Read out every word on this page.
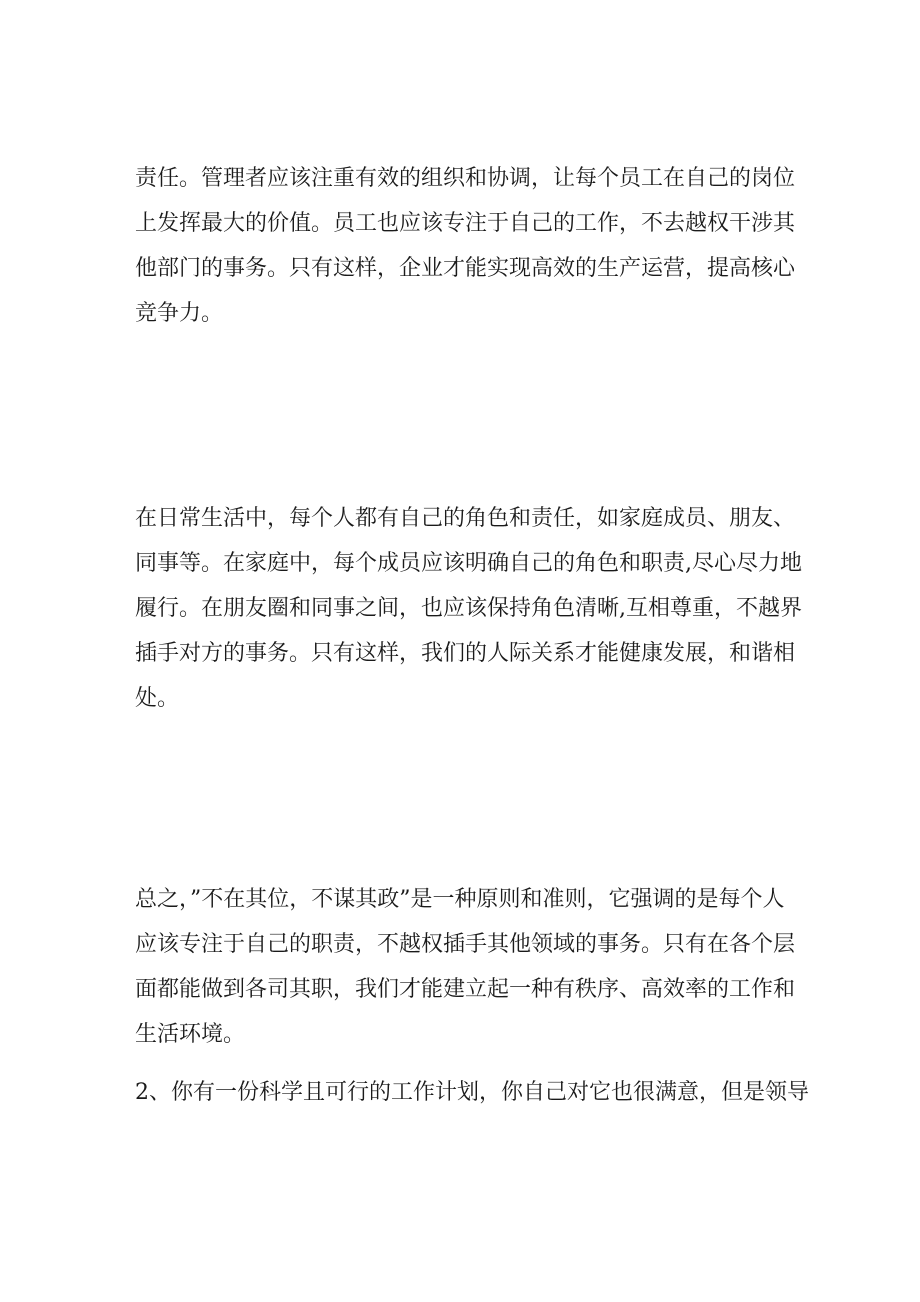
责任。管理者应该注重有效的组织和协调，让每个员工在自己的岗位
上发挥最大的价值。员工也应该专注于自己的工作，不去越权干涉其
他部门的事务。只有这样，企业才能实现高效的生产运营，提高核心
竞争力。

在日常生活中，每个人都有自己的角色和责任，如家庭成员、朋友、
同事等。在家庭中，每个成员应该明确自己的角色和职责,尽心尽力地
履行。在朋友圈和同事之间，也应该保持角色清晰,互相尊重，不越界
插手对方的事务。只有这样，我们的人际关系才能健康发展，和谐相
处。

总之，”不在其位，不谋其政”是一种原则和准则，它强调的是每个人
应该专注于自己的职责，不越权插手其他领域的事务。只有在各个层
面都能做到各司其职，我们才能建立起一种有秩序、高效率的工作和
生活环境。

2、你有一份科学且可行的工作计划，你自己对它也很满意，但是领导
